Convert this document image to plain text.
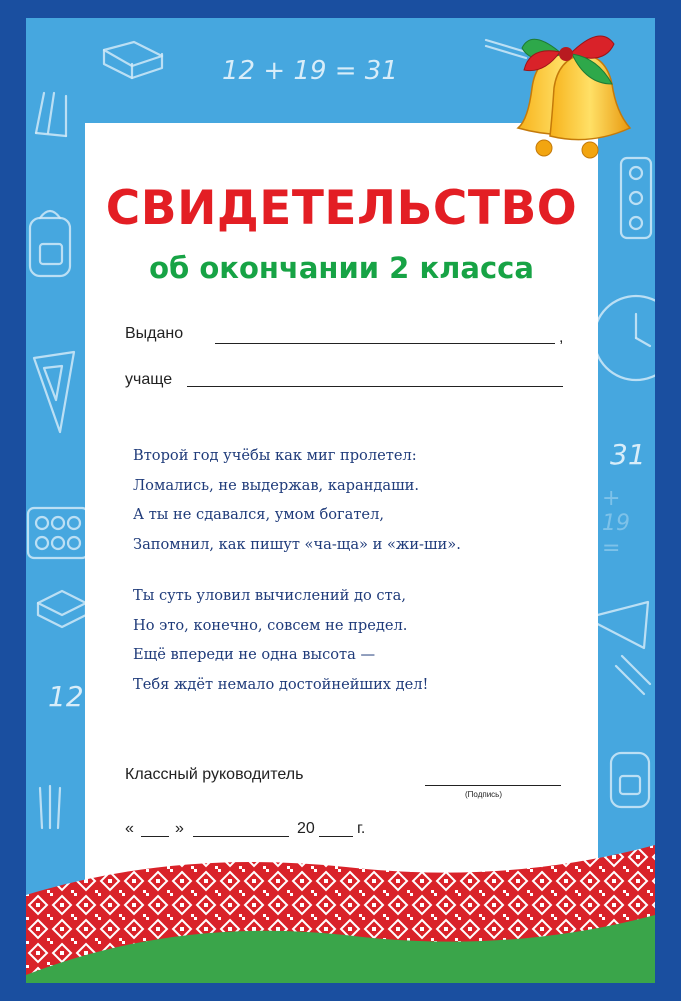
12 + 19 = 31
31
12
+ 19 =
СВИДЕТЕЛЬСТВО
об окончании 2 класса
Выдано	,
учаще
Второй год учёбы как миг пролетел:
Ломались, не выдержав, карандаши.
А ты не сдавался, умом богател,
Запомнил, как пишут «ча-ща» и «жи-ши».
Ты суть уловил вычислений до ста,
Но это, конечно, совсем не предел.
Ещё впереди не одна высота —
Тебя ждёт немало достойнейших дел!
Классный руководитель
(Подпись)
«	»	20	г.
